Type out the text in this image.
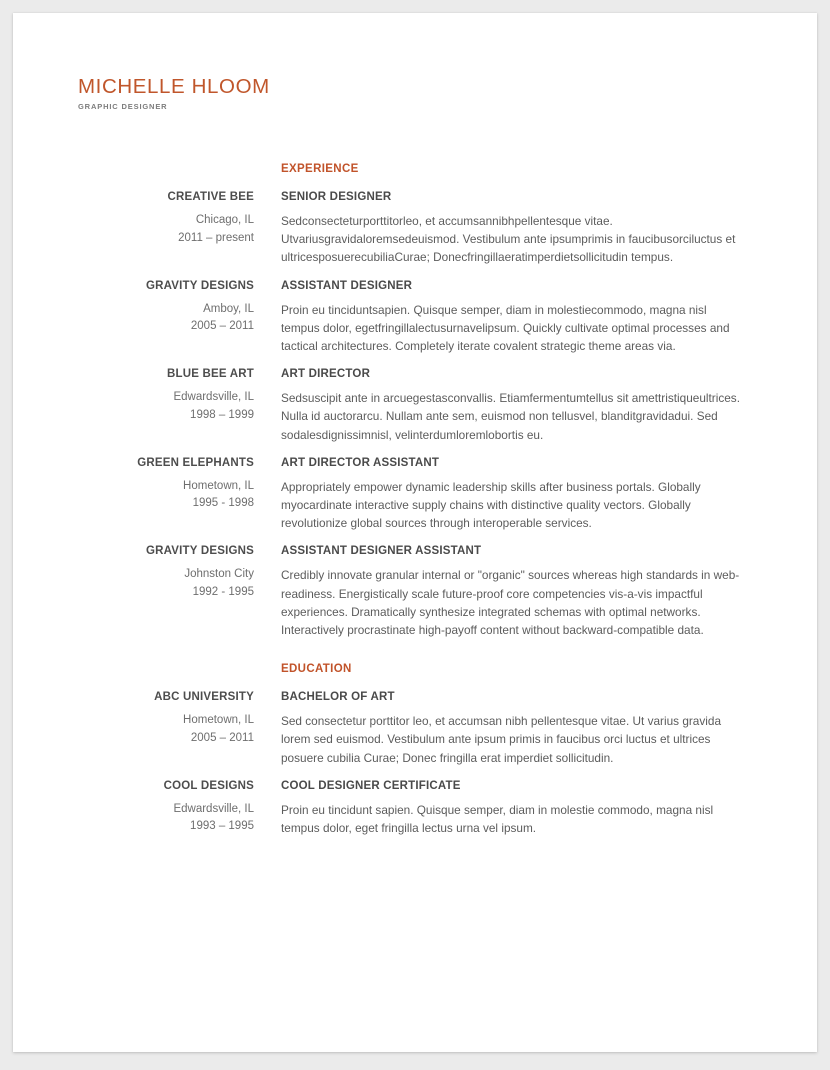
MICHELLE HLOOM
GRAPHIC DESIGNER
EXPERIENCE
CREATIVE BEE
Chicago, IL
2011 – present
SENIOR DESIGNER
Sedconsecteturporttitorleo, et accumsannibhpellentesque vitae. Utvariusgravidaloremsedeuismod. Vestibulum ante ipsumprimis in faucibusorciluctus et ultricesposuerecubiliaCurae; Donecfringillaeratimperdietsollicitudin tempus.
GRAVITY DESIGNS
Amboy, IL
2005 – 2011
ASSISTANT DESIGNER
Proin eu tinciduntsapien. Quisque semper, diam in molestiecommodo, magna nisl tempus dolor, egetfringillalectusurnavelipsum. Quickly cultivate optimal processes and tactical architectures. Completely iterate covalent strategic theme areas via.
BLUE BEE ART
Edwardsville, IL
1998 – 1999
ART DIRECTOR
Sedsuscipit ante in arcuegestasconvallis. Etiamfermentumtellus sit amettristiqueultrices. Nulla id auctorarcu. Nullam ante sem, euismod non tellusvel, blanditgravidadui. Sed sodalesdignissimnisl, velinterdumloremlobortis eu.
GREEN ELEPHANTS
Hometown, IL
1995 - 1998
ART DIRECTOR ASSISTANT
Appropriately empower dynamic leadership skills after business portals. Globally myocardinate interactive supply chains with distinctive quality vectors. Globally revolutionize global sources through interoperable services.
GRAVITY DESIGNS
Johnston City
1992 - 1995
ASSISTANT DESIGNER ASSISTANT
Credibly innovate granular internal or "organic" sources whereas high standards in web-readiness. Energistically scale future-proof core competencies vis-a-vis impactful experiences. Dramatically synthesize integrated schemas with optimal networks. Interactively procrastinate high-payoff content without backward-compatible data.
EDUCATION
ABC UNIVERSITY
Hometown, IL
2005 – 2011
BACHELOR OF ART
Sed consectetur porttitor leo, et accumsan nibh pellentesque vitae. Ut varius gravida lorem sed euismod. Vestibulum ante ipsum primis in faucibus orci luctus et ultrices posuere cubilia Curae; Donec fringilla erat imperdiet sollicitudin.
COOL DESIGNS
Edwardsville, IL
1993 – 1995
COOL DESIGNER CERTIFICATE
Proin eu tincidunt sapien. Quisque semper, diam in molestie commodo, magna nisl tempus dolor, eget fringilla lectus urna vel ipsum.
